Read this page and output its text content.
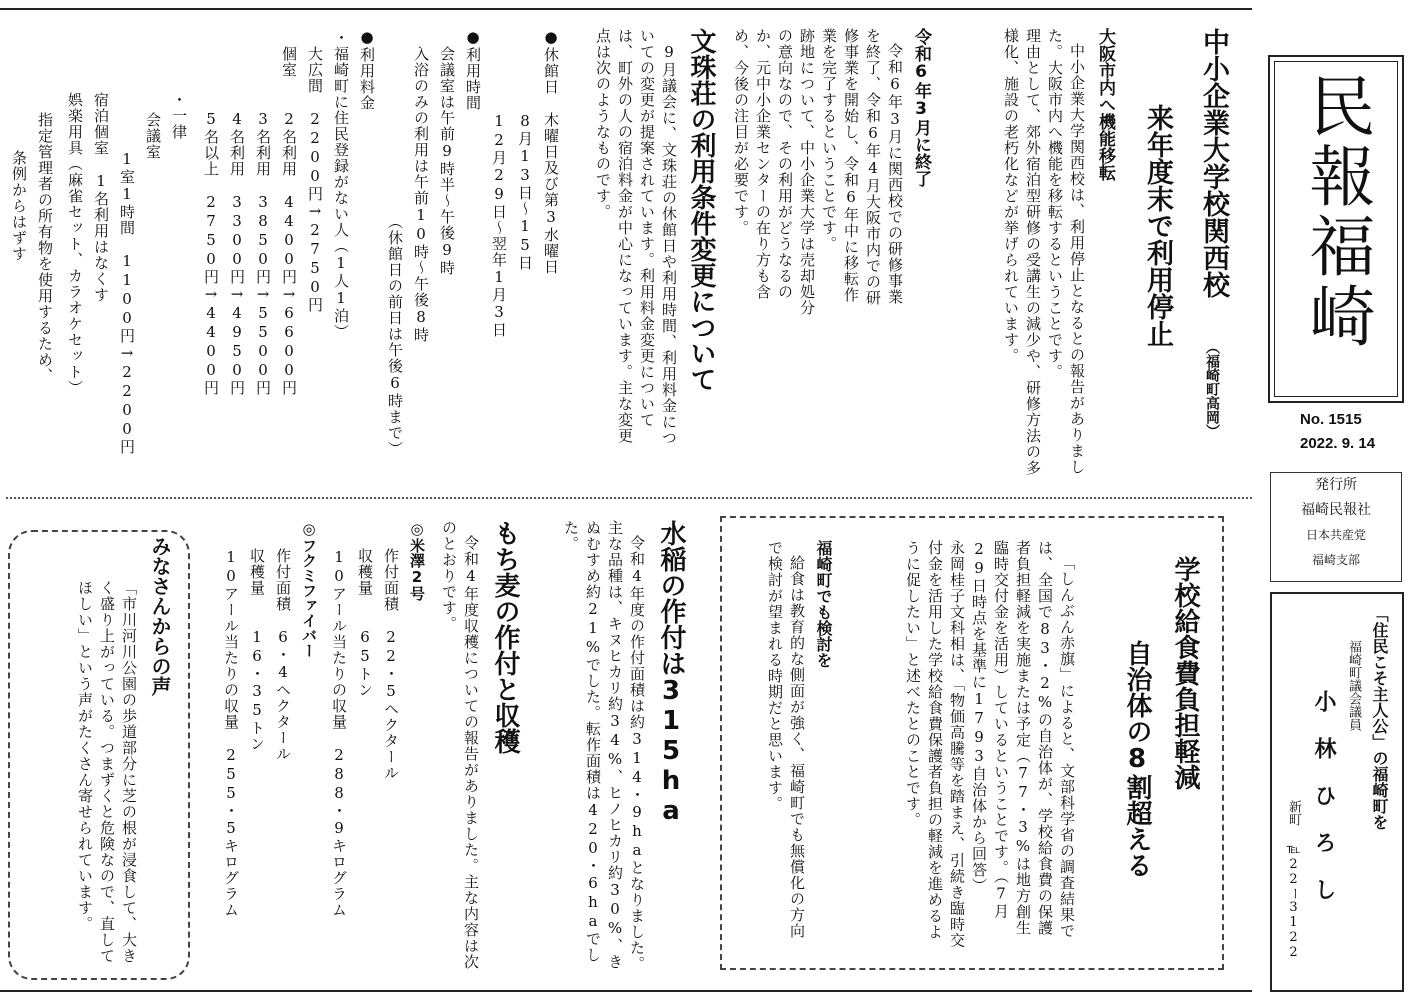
民報福崎
No. 1515
2022. 9. 14
発行所
福崎民報社
日本共産党
福崎支部
「住民こそ主人公」の福崎町を
福崎町議会議員
小 林 ひ ろ し
新町
℡22ー3122
中小企業大学校関西校
（福崎町高岡）
来年度末で利用停止
大阪市内へ機能移転
中小企業大学関西校は、利用停止となるとの報告がありました。大阪市内へ機能を移転するということです。
理由として、郊外宿泊型研修の受講生の減少や、研修方法の多様化、施設の老朽化などが挙げられています。
令和6年3月に終了
令和6年3月に関西校での研修事業を終了、令和6年4月大阪市内での研修事業を開始し、令和6年中に移転作業を完了するということです。
跡地について、中小企業大学は売却処分の意向なので、その利用がどうなるのか、元中小企業センターの在り方も含め、今後の注目が必要です。
文珠荘の利用条件変更について
9月議会に、文珠荘の休館日や利用時間、利用料金についての変更が提案されています。利用料金変更については、町外の人の宿泊料金が中心になっています。主な変更点は次のようなものです。
●休館日
木曜日及び第3水曜日
8月13日～15日
12月29日～翌年1月3日
●利用時間
会議室は午前9時半～午後9時
入浴のみの利用は午前10時～午後8時
（休館日の前日は午後6時まで）
●利用料金
・福崎町に住民登録がない人（1人1泊）
大広間　2200円→2750円
個室　　2名利用　4400円→6600円
　　　　3名利用　3850円→5500円
　　　　4名利用　3300円→4950円
　　　　5名以上　2750円→4400円
・一律
会議室
1室1時間　1100円→2200円
宿泊個室　1名利用はなくす
娯楽用具（麻雀セット、カラオケセット）
指定管理者の所有物を使用するため、
条例からはずす
学校給食費負担軽減
自治体の8割超える
「しんぶん赤旗」によると、文部科学省の調査結果では、全国で83・2%の自治体が、学校給食費の保護者負担軽減を実施または予定（77・3%は地方創生臨時交付金を活用）しているということです。（7月29日時点を基準に1793自治体から回答）
永岡桂子文科相は、「物価高騰等を踏まえ、引続き臨時交付金を活用した学校給食費保護者負担の軽減を進めるように促したい」と述べたとのことです。
福崎町でも検討を
給食は教育的な側面が強く、福崎町でも無償化の方向で検討が望まれる時期だと思います。
水稲の作付は315ha
令和4年度の作付面積は約314・9haとなりました。主な品種は、キヌヒカリ約34%、ヒノヒカリ約30%、きぬむすめ約21%でした。転作面積は420・6haでした。
もち麦の作付と収穫
令和4年度収穫についての報告がありました。主な内容は次のとおりです。
◎米澤2号
作付面積　22・5ヘクタール
収穫量　　65トン
10アール当たりの収量　288・9キログラム
◎フクミファイバー
作付面積　6・4ヘクタール
収穫量　　16・35トン
10アール当たりの収量　255・5キログラム
みなさんからの声
「市川河川公園の歩道部分に芝の根が浸食して、大きく盛り上がっている。つまずくと危険なので、直してほしい」という声がたくさん寄せられています。
